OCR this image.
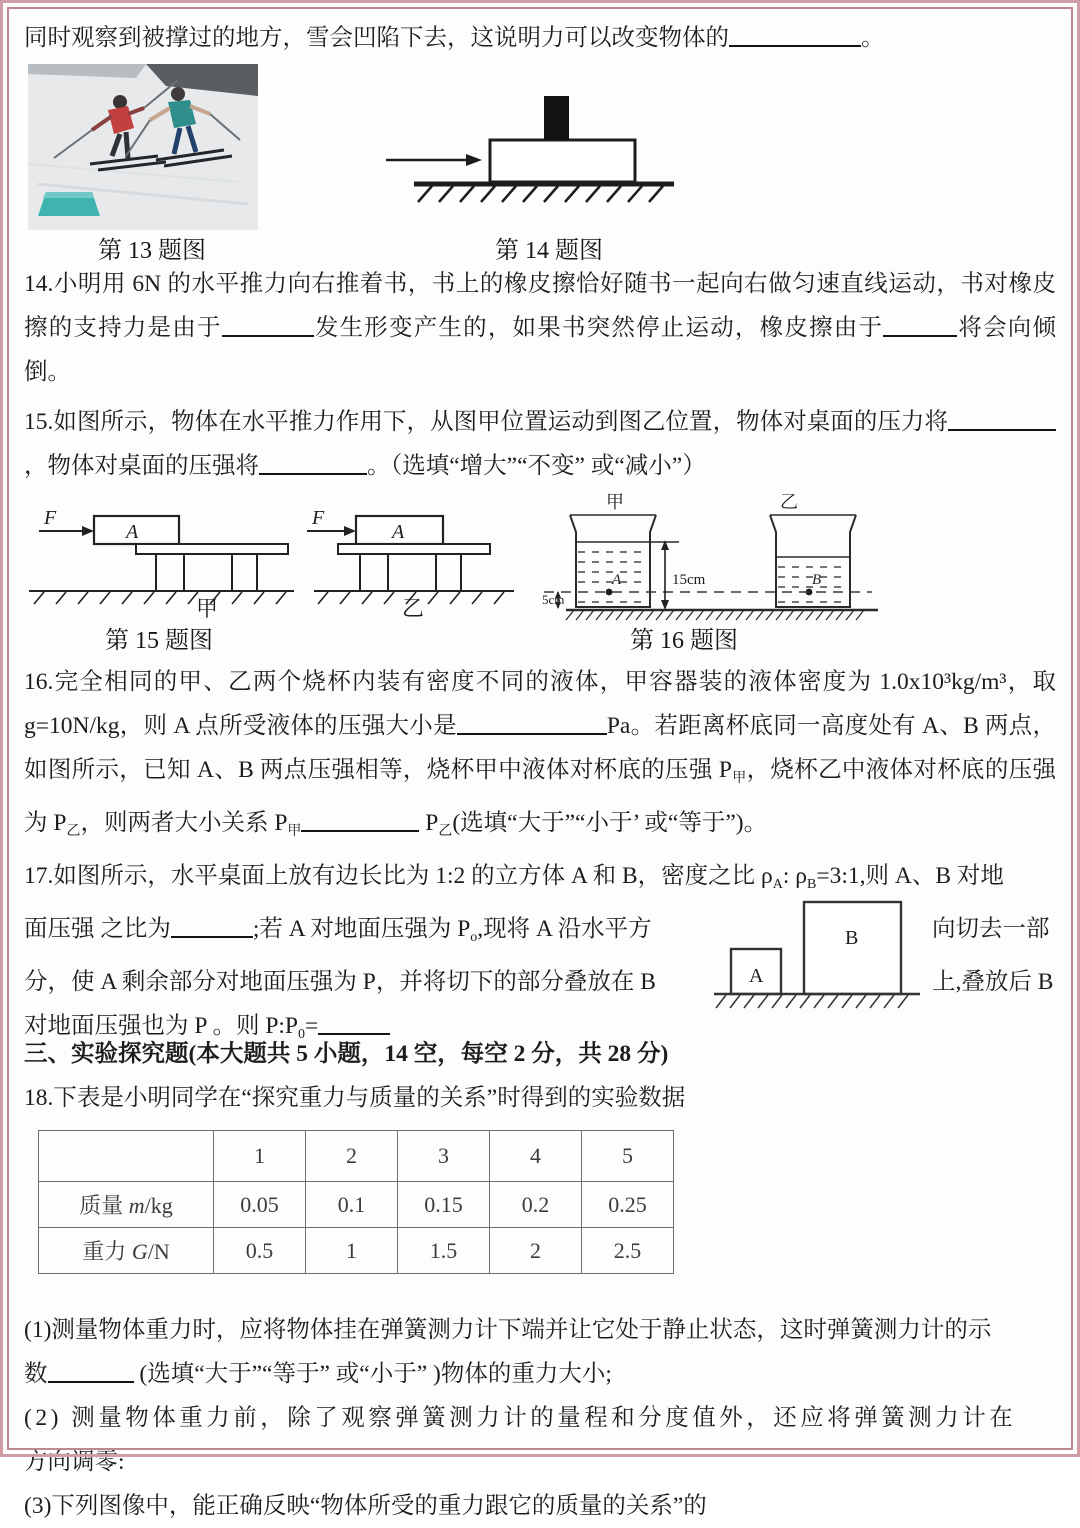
同时观察到被撑过的地方，雪会凹陷下去，这说明力可以改变物体的	。
第 13 题图	第 14 题图
14.小明用 6N 的水平推力向右推着书，书上的橡皮擦恰好随书一起向右做匀速直线运动，书对橡皮擦的支持力是由于	发生形变产生的，如果书突然停止运动，橡皮擦由于	将会向倾倒。
15.如图所示，物体在水平推力作用下，从图甲位置运动到图乙位置，物体对桌面的压力将，物体对桌面的压强将	。（选填“增大”“不变” 或“减小”）
F
A
甲
F
A
乙
第 15 题图
甲	乙
A	B
15cm
5cm
第 16 题图
16.完全相同的甲、乙两个烧杯内装有密度不同的液体，甲容器装的液体密度为 1.0x10³kg/m³，取 g=10N/kg，则 A 点所受液体的压强大小是	Pa。若距离杯底同一高度处有 A、B 两点，如图所示，已知 A、B 两点压强相等，烧杯甲中液体对杯底的压强 $P_甲$，烧杯乙中液体对杯底的压强为 $P_乙$，则两者大小关系 $P_甲$	$P_乙$(选填“大于”“小于’ 或“等于”)。
17.如图所示，水平桌面上放有边长比为 1:2 的立方体 A 和 B，密度之比 $\rho_A$: $\rho_B=3:1$,则 A、B 对地
面压强 之比为	;若 A 对地面压强为 $P_o$,现将 A 沿水平方	向切去一部
分，使 A 剩余部分对地面压强为 P，并将切下的部分叠放在 B	上,叠放后 B
对地面压强也为 P 。则 $P:P_0=$
A
B
三、实验探究题(本大题共 5 小题，14 空，每空 2 分，共 28 分)
18.下表是小明同学在“探究重力与质量的关系”时得到的实验数据
	1	2	3	4	5
质量 m/kg	0.05	0.1	0.15	0.2	0.25
重力 G/N	0.5	1	1.5	2	2.5
(1)测量物体重力时，应将物体挂在弹簧测力计下端并让它处于静止状态，这时弹簧测力计的示
数	(选填“大于”“等于” 或“小于” )物体的重力大小;
(2) 测量物体重力前，除了观察弹簧测力计的量程和分度值外，还应将弹簧测力计在
方向调零:
(3)下列图像中，能正确反映“物体所受的重力跟它的质量的关系”的
